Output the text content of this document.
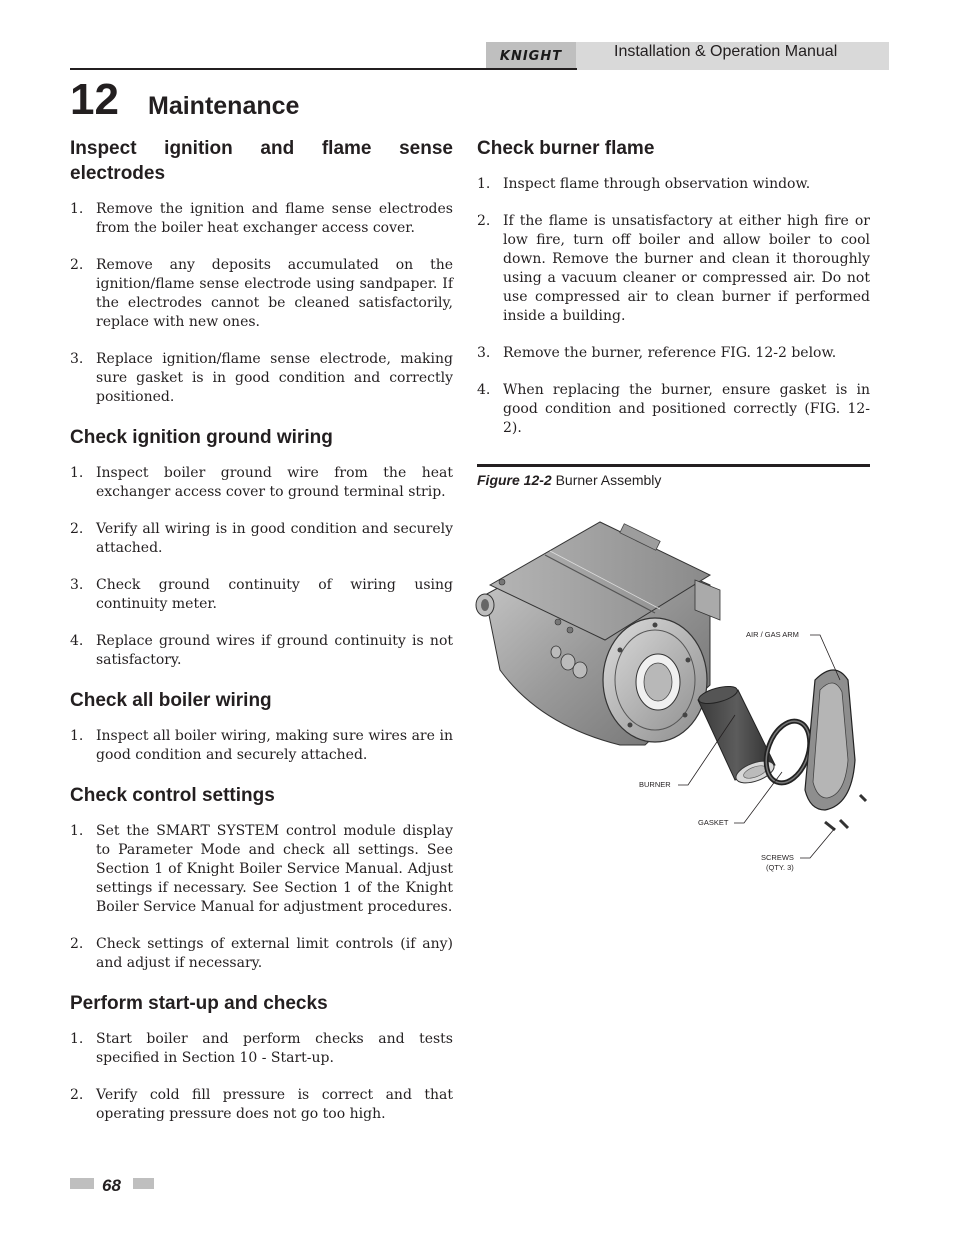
KNIGHT	Installation & Operation Manual
12 Maintenance
Inspect ignition and flame sense electrodes
1. Remove the ignition and flame sense electrodes from the boiler heat exchanger access cover.
2. Remove any deposits accumulated on the ignition/flame sense electrode using sandpaper. If the electrodes cannot be cleaned satisfactorily, replace with new ones.
3. Replace ignition/flame sense electrode, making sure gasket is in good condition and correctly positioned.
Check ignition ground wiring
1. Inspect boiler ground wire from the heat exchanger access cover to ground terminal strip.
2. Verify all wiring is in good condition and securely attached.
3. Check ground continuity of wiring using continuity meter.
4. Replace ground wires if ground continuity is not satisfactory.
Check all boiler wiring
1. Inspect all boiler wiring, making sure wires are in good condition and securely attached.
Check control settings
1. Set the SMART SYSTEM control module display to Parameter Mode and check all settings. See Section 1 of Knight Boiler Service Manual. Adjust settings if necessary. See Section 1 of the Knight Boiler Service Manual for adjustment procedures.
2. Check settings of external limit controls (if any) and adjust if necessary.
Perform start-up and checks
1. Start boiler and perform checks and tests specified in Section 10 - Start-up.
2. Verify cold fill pressure is correct and that operating pressure does not go too high.
Check burner flame
1. Inspect flame through observation window.
2. If the flame is unsatisfactory at either high fire or low fire, turn off boiler and allow boiler to cool down. Remove the burner and clean it thoroughly using a vacuum cleaner or compressed air. Do not use compressed air to clean burner if performed inside a building.
3. Remove the burner, reference FIG. 12-2 below.
4. When replacing the burner, ensure gasket is in good condition and positioned correctly (FIG. 12-2).
Figure 12-2 Burner Assembly
AIR / GAS ARM
BURNER
GASKET
SCREWS
(QTY. 3)
68
